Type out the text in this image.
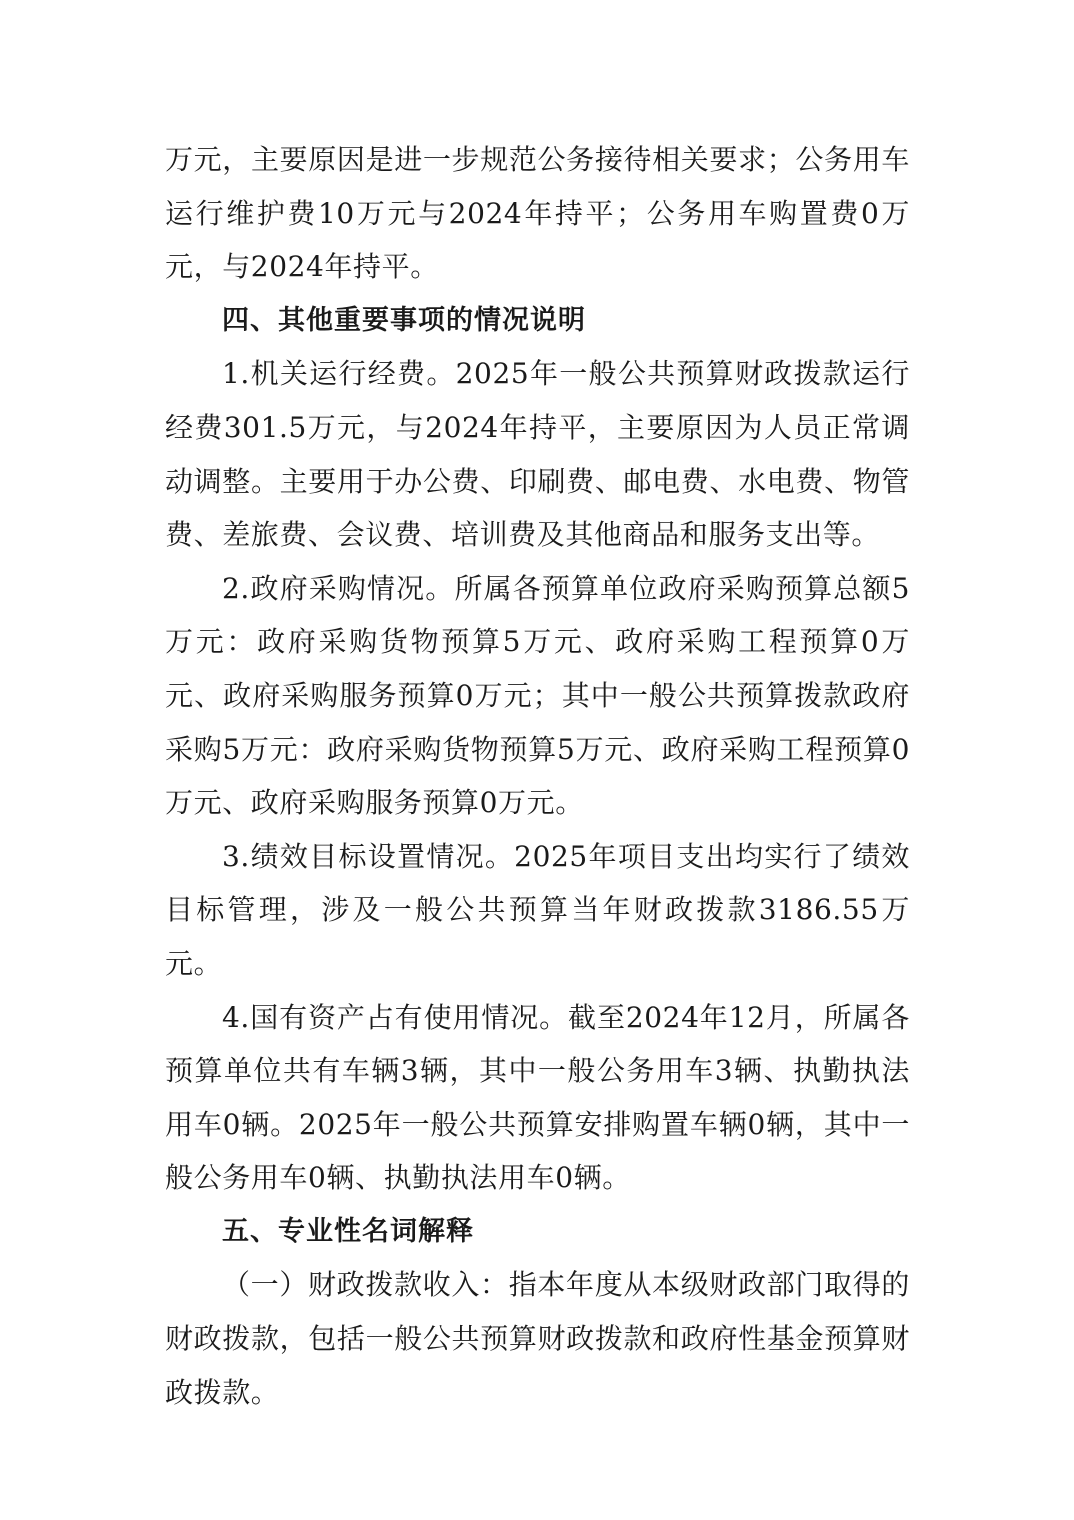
万元，主要原因是进一步规范公务接待相关要求；公务用车运行维护费10万元与2024年持平；公务用车购置费0万元，与2024年持平。

四、其他重要事项的情况说明

1.机关运行经费。2025年一般公共预算财政拨款运行经费301.5万元，与2024年持平，主要原因为人员正常调动调整。主要用于办公费、印刷费、邮电费、水电费、物管费、差旅费、会议费、培训费及其他商品和服务支出等。

2.政府采购情况。所属各预算单位政府采购预算总额5万元：政府采购货物预算5万元、政府采购工程预算0万元、政府采购服务预算0万元；其中一般公共预算拨款政府采购5万元：政府采购货物预算5万元、政府采购工程预算0万元、政府采购服务预算0万元。

3.绩效目标设置情况。2025年项目支出均实行了绩效目标管理，涉及一般公共预算当年财政拨款3186.55万元。

4.国有资产占有使用情况。截至2024年12月，所属各预算单位共有车辆3辆，其中一般公务用车3辆、执勤执法用车0辆。2025年一般公共预算安排购置车辆0辆，其中一般公务用车0辆、执勤执法用车0辆。

五、专业性名词解释

（一）财政拨款收入：指本年度从本级财政部门取得的财政拨款，包括一般公共预算财政拨款和政府性基金预算财政拨款。
